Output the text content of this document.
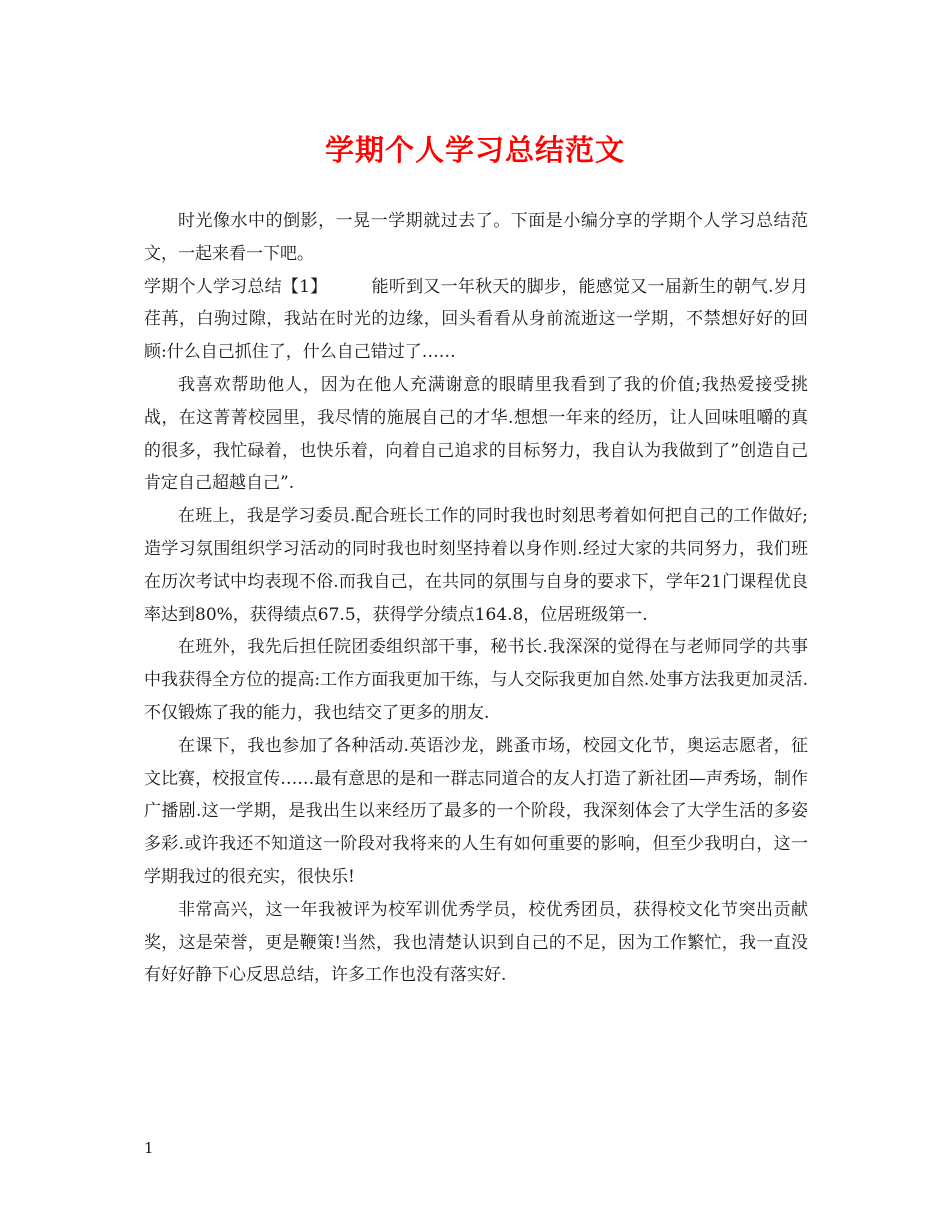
学期个人学习总结范文

时光像水中的倒影，一晃一学期就过去了。下面是小编分享的学期个人学习总结范文，一起来看一下吧。

学期个人学习总结【1】	能听到又一年秋天的脚步，能感觉又一届新生的朝气.岁月荏苒，白驹过隙，我站在时光的边缘，回头看看从身前流逝这一学期，不禁想好好的回顾:什么自己抓住了，什么自己错过了……

我喜欢帮助他人，因为在他人充满谢意的眼睛里我看到了我的价值;我热爱接受挑战，在这菁菁校园里，我尽情的施展自己的才华.想想一年来的经历，让人回味咀嚼的真的很多，我忙碌着，也快乐着，向着自己追求的目标努力，我自认为我做到了”创造自己肯定自己超越自己”.

在班上，我是学习委员.配合班长工作的同时我也时刻思考着如何把自己的工作做好;造学习氛围组织学习活动的同时我也时刻坚持着以身作则.经过大家的共同努力，我们班在历次考试中均表现不俗.而我自己，在共同的氛围与自身的要求下，学年21门课程优良率达到80%，获得绩点67.5，获得学分绩点164.8，位居班级第一.

在班外，我先后担任院团委组织部干事，秘书长.我深深的觉得在与老师同学的共事中我获得全方位的提高:工作方面我更加干练，与人交际我更加自然.处事方法我更加灵活.不仅锻炼了我的能力，我也结交了更多的朋友.

在课下，我也参加了各种活动.英语沙龙，跳蚤市场，校园文化节，奥运志愿者，征文比赛，校报宣传……最有意思的是和一群志同道合的友人打造了新社团—声秀场，制作广播剧.这一学期，是我出生以来经历了最多的一个阶段，我深刻体会了大学生活的多姿多彩.或许我还不知道这一阶段对我将来的人生有如何重要的影响，但至少我明白，这一学期我过的很充实，很快乐!

非常高兴，这一年我被评为校军训优秀学员，校优秀团员，获得校文化节突出贡献奖，这是荣誉，更是鞭策!当然，我也清楚认识到自己的不足，因为工作繁忙，我一直没有好好静下心反思总结，许多工作也没有落实好.

1
